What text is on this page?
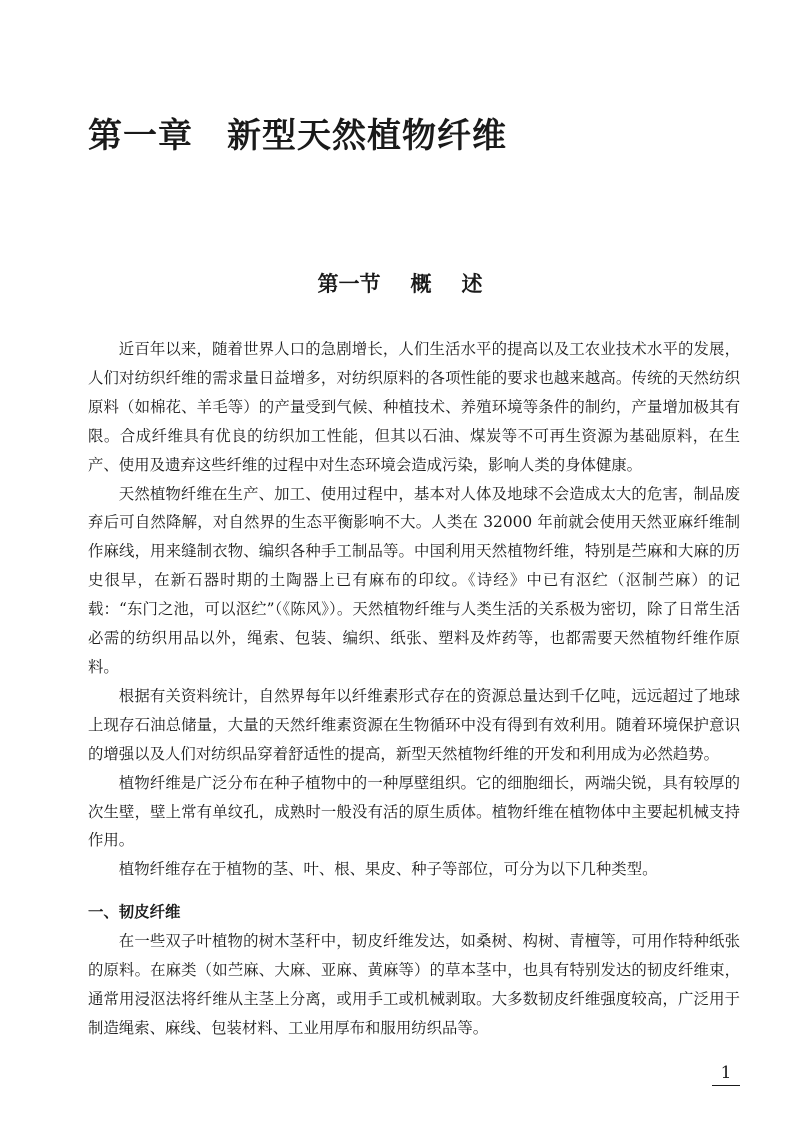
第一章 新型天然植物纤维
第一节 概 述

近百年以来，随着世界人口的急剧增长，人们生活水平的提高以及工农业技术水平的发展，人们对纺织纤维的需求量日益增多，对纺织原料的各项性能的要求也越来越高。传统的天然纺织原料（如棉花、羊毛等）的产量受到气候、种植技术、养殖环境等条件的制约，产量增加极其有限。合成纤维具有优良的纺织加工性能，但其以石油、煤炭等不可再生资源为基础原料，在生产、使用及遗弃这些纤维的过程中对生态环境会造成污染，影响人类的身体健康。

天然植物纤维在生产、加工、使用过程中，基本对人体及地球不会造成太大的危害，制品废弃后可自然降解，对自然界的生态平衡影响不大。人类在 32000 年前就会使用天然亚麻纤维制作麻线，用来缝制衣物、编织各种手工制品等。中国利用天然植物纤维，特别是苎麻和大麻的历史很早，在新石器时期的土陶器上已有麻布的印纹。《诗经》中已有沤纻（沤制苎麻）的记载：“东门之池，可以沤纻”（《陈风》）。天然植物纤维与人类生活的关系极为密切，除了日常生活必需的纺织用品以外，绳索、包装、编织、纸张、塑料及炸药等，也都需要天然植物纤维作原料。

根据有关资料统计，自然界每年以纤维素形式存在的资源总量达到千亿吨，远远超过了地球上现存石油总储量，大量的天然纤维素资源在生物循环中没有得到有效利用。随着环境保护意识的增强以及人们对纺织品穿着舒适性的提高，新型天然植物纤维的开发和利用成为必然趋势。

植物纤维是广泛分布在种子植物中的一种厚壁组织。它的细胞细长，两端尖锐，具有较厚的次生壁，壁上常有单纹孔，成熟时一般没有活的原生质体。植物纤维在植物体中主要起机械支持作用。

植物纤维存在于植物的茎、叶、根、果皮、种子等部位，可分为以下几种类型。

一、韧皮纤维

在一些双子叶植物的树木茎秆中，韧皮纤维发达，如桑树、构树、青檀等，可用作特种纸张的原料。在麻类（如苎麻、大麻、亚麻、黄麻等）的草本茎中，也具有特别发达的韧皮纤维束，通常用浸沤法将纤维从主茎上分离，或用手工或机械剥取。大多数韧皮纤维强度较高，广泛用于制造绳索、麻线、包装材料、工业用厚布和服用纺织品等。

1
